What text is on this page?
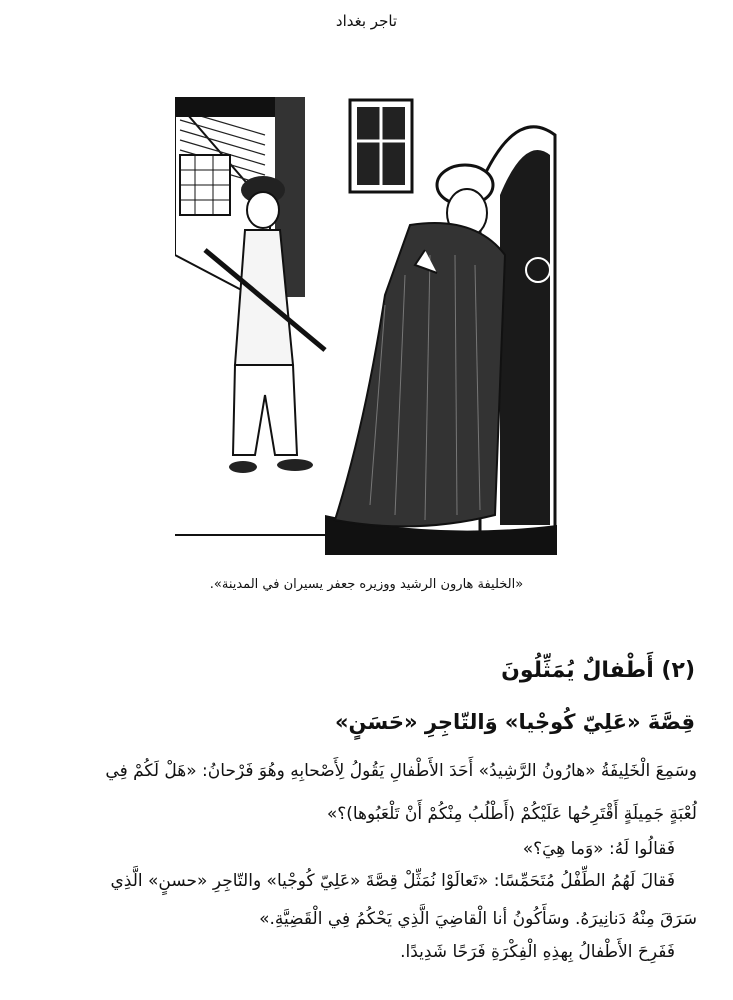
تاجر بغداد
«الخليفة هارون الرشيد ووزيره جعفر يسيران في المدينة».
(٢) أَطْفالٌ يُمَثِّلُونَ
قِصَّةَ «عَلِيّ كُوجْيا» وَالتّاجِرِ «حَسَنٍ»
وسَمِعَ الْخَلِيفَةُ «هارُونُ الرَّشِيدُ» أَحَدَ الأَطْفالِ يَقُولُ لِأَصْحابِهِ وهُوَ فَرْحانُ: «هَلْ لَكُمْ فِي
لُعْبَةٍ جَمِيلَةٍ أَقْتَرِحُها عَلَيْكُمْ (أَطْلُبُ مِنْكُمْ أَنْ تَلْعَبُوها)؟»
فَقالُوا لَهُ: «وَما هِيَ؟»
فَقالَ لَهُمُ الطِّفْلُ مُتَحَمِّسًا: «تَعالَوْا نُمَثِّلْ قِصَّةَ «عَلِيّ كُوجْيا» والتّاجِرِ «حسنٍ» الَّذِي
سَرَقَ مِنْهُ دَنانِيرَهُ. وسَأَكُونُ أنا الْقاضِيَ الَّذِي يَحْكُمُ فِي الْقَضِيَّةِ.»
فَفَرِحَ الأَطْفالُ بِهذِهِ الْفِكْرَةِ فَرَحًا شَدِيدًا.
